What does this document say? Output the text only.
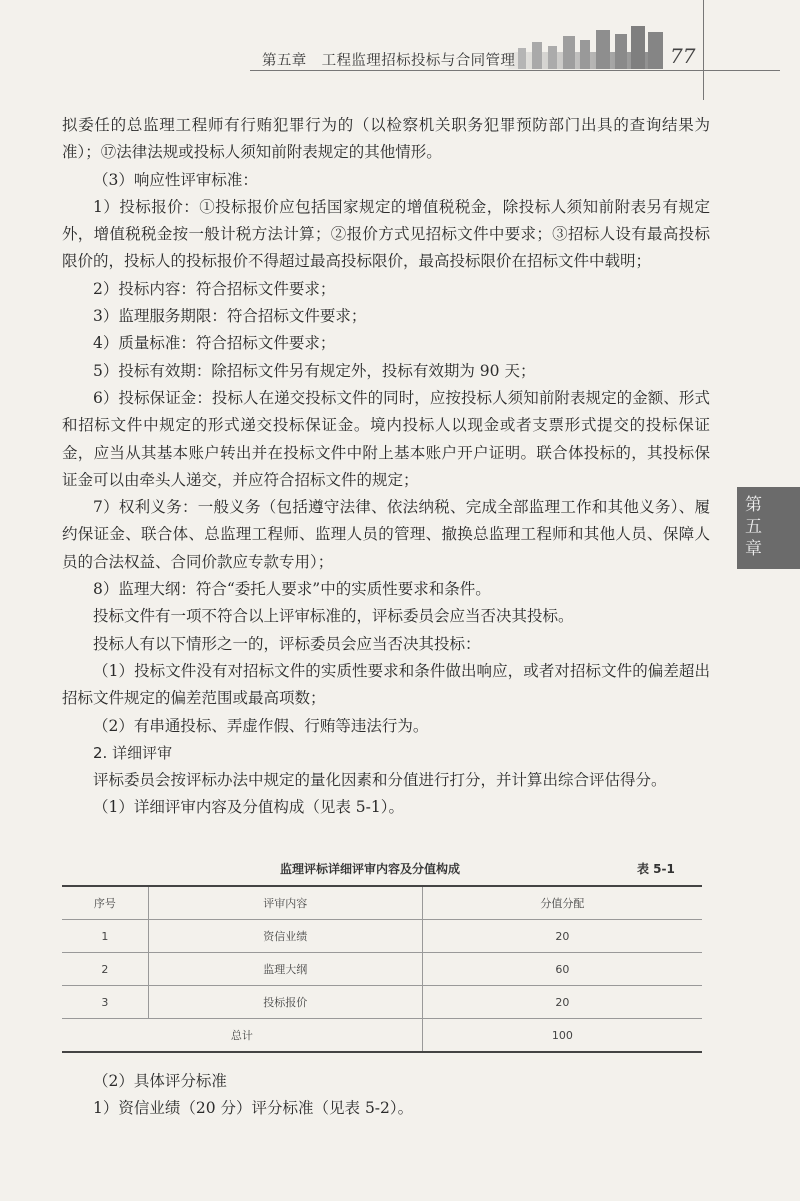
第五章　工程监理招标投标与合同管理	77
第五章

拟委任的总监理工程师有行贿犯罪行为的（以检察机关职务犯罪预防部门出具的查询结果为准）；⑰法律法规或投标人须知前附表规定的其他情形。

（3）响应性评审标准：

1）投标报价：①投标报价应包括国家规定的增值税税金，除投标人须知前附表另有规定外，增值税税金按一般计税方法计算；②报价方式见招标文件中要求；③招标人设有最高投标限价的，投标人的投标报价不得超过最高投标限价，最高投标限价在招标文件中载明；

2）投标内容：符合招标文件要求；

3）监理服务期限：符合招标文件要求；

4）质量标准：符合招标文件要求；

5）投标有效期：除招标文件另有规定外，投标有效期为 90 天；

6）投标保证金：投标人在递交投标文件的同时，应按投标人须知前附表规定的金额、形式和招标文件中规定的形式递交投标保证金。境内投标人以现金或者支票形式提交的投标保证金，应当从其基本账户转出并在投标文件中附上基本账户开户证明。联合体投标的，其投标保证金可以由牵头人递交，并应符合招标文件的规定；

7）权利义务：一般义务（包括遵守法律、依法纳税、完成全部监理工作和其他义务）、履约保证金、联合体、总监理工程师、监理人员的管理、撤换总监理工程师和其他人员、保障人员的合法权益、合同价款应专款专用）；

8）监理大纲：符合“委托人要求”中的实质性要求和条件。

投标文件有一项不符合以上评审标准的，评标委员会应当否决其投标。

投标人有以下情形之一的，评标委员会应当否决其投标：

（1）投标文件没有对招标文件的实质性要求和条件做出响应，或者对招标文件的偏差超出招标文件规定的偏差范围或最高项数；

（2）有串通投标、弄虚作假、行贿等违法行为。

2. 详细评审

评标委员会按评标办法中规定的量化因素和分值进行打分，并计算出综合评估得分。

（1）详细评审内容及分值构成（见表 5-1）。

监理评标详细评审内容及分值构成	表 5-1
序号	评审内容	分值分配
1	资信业绩	20
2	监理大纲	60
3	投标报价	20
总计		100

（2）具体评分标准

1）资信业绩（20 分）评分标准（见表 5-2）。
